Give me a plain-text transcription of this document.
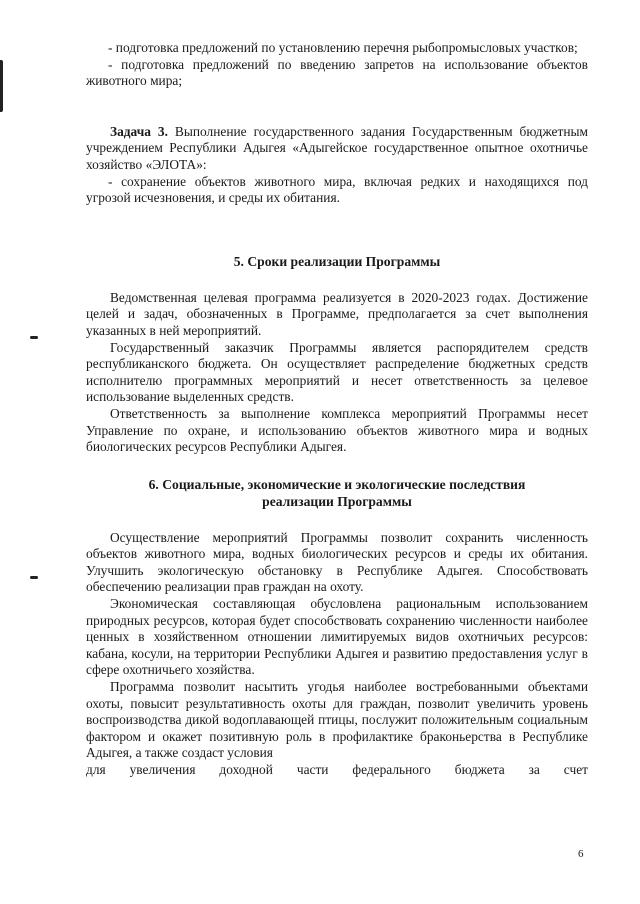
- подготовка предложений по установлению перечня рыбопромысловых участков;

- подготовка предложений по введению запретов на использование объектов животного мира;

Задача 3. Выполнение государственного задания Государственным бюджетным учреждением Республики Адыгея «Адыгейское государственное опытное охотничье хозяйство «ЭЛОТА»:

- сохранение объектов животного мира, включая редких и находящихся под угрозой исчезновения, и среды их обитания.

5. Сроки реализации Программы

Ведомственная целевая программа реализуется в 2020-2023 годах. Достижение целей и задач, обозначенных в Программе, предполагается за счет выполнения указанных в ней мероприятий.

Государственный заказчик Программы является распорядителем средств республиканского бюджета. Он осуществляет распределение бюджетных средств исполнителю программных мероприятий и несет ответственность за целевое использование выделенных средств.

Ответственность за выполнение комплекса мероприятий Программы несет Управление по охране, и использованию объектов животного мира и водных биологических ресурсов Республики Адыгея.

6. Социальные, экономические и экологические последствия
реализации Программы

Осуществление мероприятий Программы позволит сохранить численность объектов животного мира, водных биологических ресурсов и среды их обитания. Улучшить экологическую обстановку в Республике Адыгея. Способствовать обеспечению реализации прав граждан на охоту.

Экономическая составляющая обусловлена рациональным использованием природных ресурсов, которая будет способствовать сохранению численности наиболее ценных в хозяйственном отношении лимитируемых видов охотничьих ресурсов: кабана, косули, на территории Республики Адыгея и развитию предоставления услуг в сфере охотничьего хозяйства.

Программа позволит насытить угодья наиболее востребованными объектами охоты, повысит результативность охоты для граждан, позволит увеличить уровень воспроизводства дикой водоплавающей птицы, послужит положительным социальным фактором и окажет позитивную роль в профилактике браконьерства в Республике Адыгея, а также создаст условия

для увеличения доходной части федерального бюджета за счет

6
